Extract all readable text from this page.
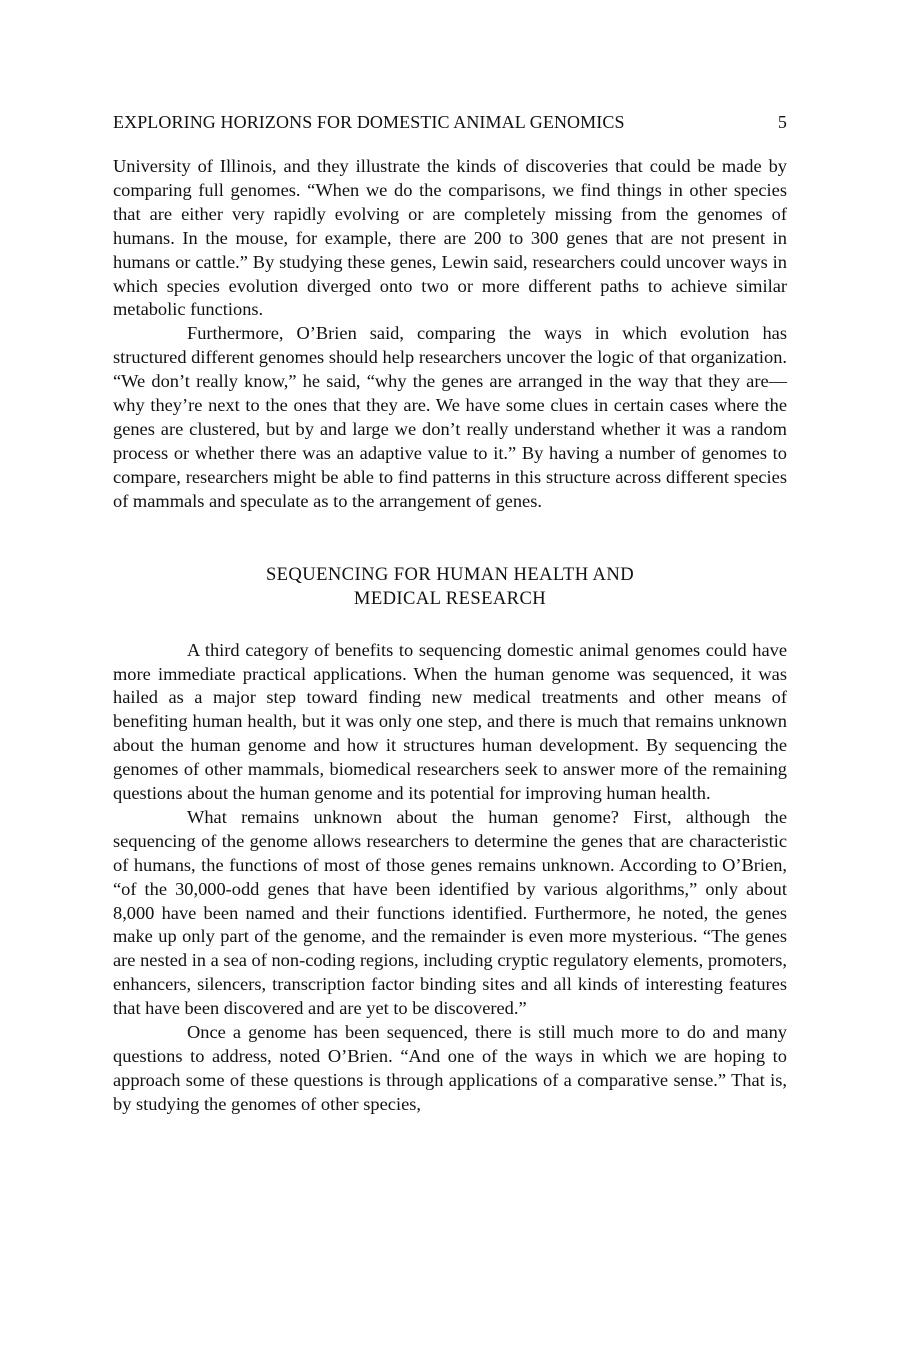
EXPLORING HORIZONS FOR DOMESTIC ANIMAL GENOMICS	5

University of Illinois, and they illustrate the kinds of discoveries that could be made by comparing full genomes. “When we do the comparisons, we find things in other species that are either very rapidly evolving or are completely missing from the genomes of humans. In the mouse, for example, there are 200 to 300 genes that are not present in humans or cattle.” By studying these genes, Lewin said, researchers could uncover ways in which species evolution diverged onto two or more different paths to achieve similar metabolic functions.

Furthermore, O’Brien said, comparing the ways in which evolution has structured different genomes should help researchers uncover the logic of that organization. “We don’t really know,” he said, “why the genes are arranged in the way that they are—why they’re next to the ones that they are. We have some clues in certain cases where the genes are clustered, but by and large we don’t really understand whether it was a random process or whether there was an adaptive value to it.” By having a number of genomes to compare, researchers might be able to find patterns in this structure across different species of mammals and speculate as to the arrangement of genes.

SEQUENCING FOR HUMAN HEALTH AND
MEDICAL RESEARCH

A third category of benefits to sequencing domestic animal genomes could have more immediate practical applications. When the human genome was sequenced, it was hailed as a major step toward finding new medical treatments and other means of benefiting human health, but it was only one step, and there is much that remains unknown about the human genome and how it structures human development. By sequencing the genomes of other mammals, biomedical researchers seek to answer more of the remaining questions about the human genome and its potential for improving human health.

What remains unknown about the human genome? First, although the sequencing of the genome allows researchers to determine the genes that are characteristic of humans, the functions of most of those genes remains unknown. According to O’Brien, “of the 30,000-odd genes that have been identified by various algorithms,” only about 8,000 have been named and their functions identified. Furthermore, he noted, the genes make up only part of the genome, and the remainder is even more mysterious. “The genes are nested in a sea of non-coding regions, including cryptic regulatory elements, promoters, enhancers, silencers, transcription factor binding sites and all kinds of interesting features that have been discovered and are yet to be discovered.”

Once a genome has been sequenced, there is still much more to do and many questions to address, noted O’Brien. “And one of the ways in which we are hoping to approach some of these questions is through applications of a comparative sense.” That is, by studying the genomes of other species,
